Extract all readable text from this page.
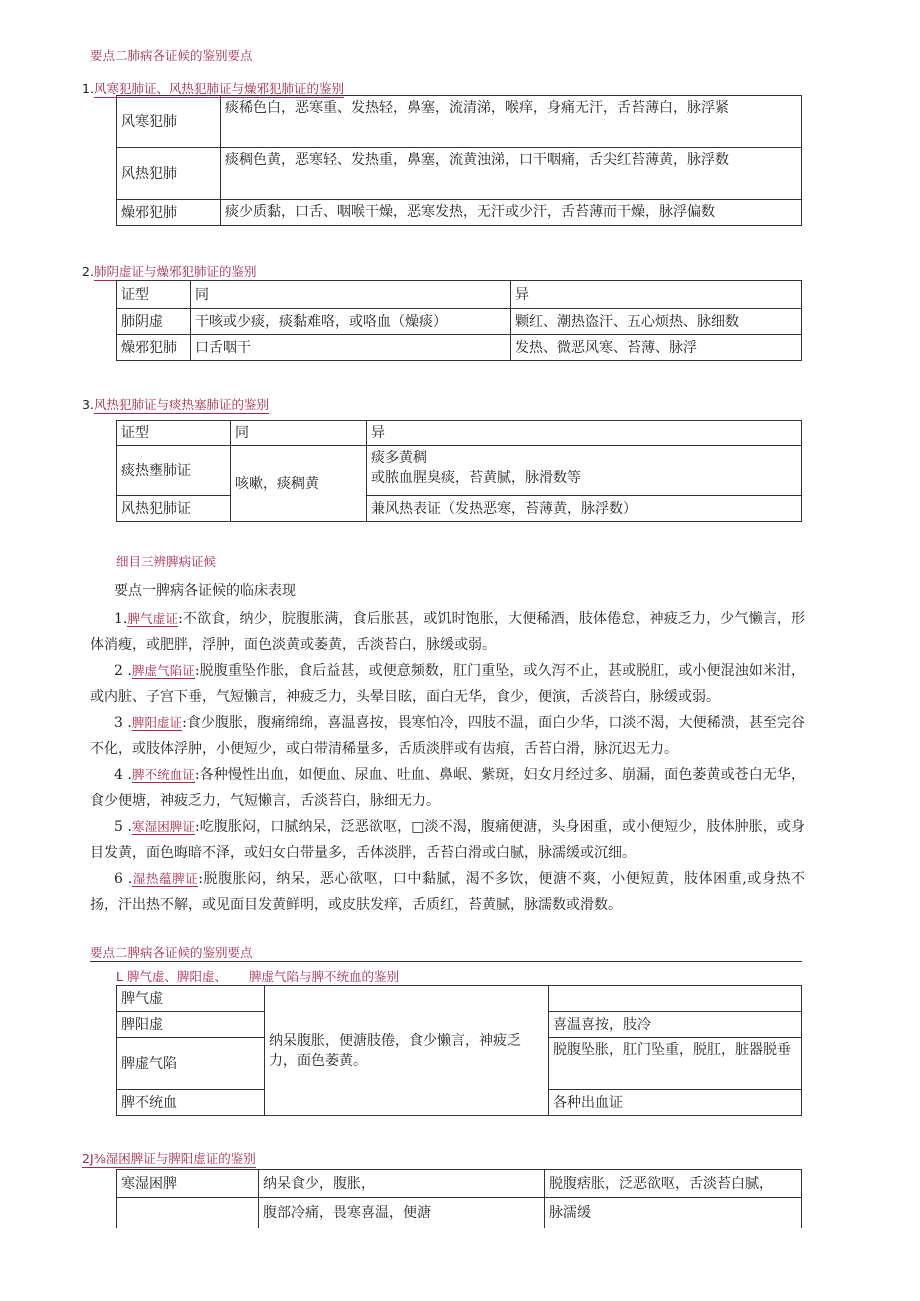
要点二肺病各证候的鉴别要点
1.风寒犯肺证、风热犯肺证与燥邪犯肺证的鉴别
风寒犯肺	痰稀色白，恶寒重、发热轻，鼻塞，流清涕，喉痒，身痛无汗，舌苔薄白，脉浮紧
风热犯肺	痰稠色黄，恶寒轻、发热重，鼻塞，流黄浊涕，口干咽痛，舌尖红苔薄黄，脉浮数
燥邪犯肺	痰少质黏，口舌、咽喉干燥，恶寒发热，无汗或少汗，舌苔薄而干燥，脉浮偏数
2.肺阴虚证与燥邪犯肺证的鉴别
证型	同	异
肺阴虚	干咳或少痰，痰黏难咯，或咯血（燥痰）	颗红、潮热盗汗、五心烦热、脉细数
燥邪犯肺	口舌咽干	发热、微恶风寒、苔薄、脉浮
3.风热犯肺证与痰热塞肺证的鉴别
证型	同	异
痰热壅肺证	咳嗽，痰稠黄	痰多黄稠
或脓血腥臭痰，苔黄腻，脉滑数等

风热犯肺证		兼风热表证（发热恶寒，苔薄黄，脉浮数）
细目三辨脾病证候

要点一脾病各证候的临床表现

1.脾气虚证:不欲食，纳少，脘腹胀满，食后胀甚，或饥时饱胀，大便稀酒，肢体倦怠，神疲乏力，少气懒言，形体消瘦，或肥胖，浮肿，面色淡黄或萎黄，舌淡苔白，脉缓或弱。

2 .脾虚气陷证:脱腹重坠作胀，食后益甚，或便意频数，肛门重坠，或久泻不止，甚或脱肛，或小便混浊如米泔，或内脏、子宫下垂，气短懒言，神疲乏力，头晕目眩，面白无华，食少，便演，舌淡苔白，脉缓或弱。

3 .脾阳虚证:食少腹胀，腹痛绵绵，喜温喜按，畏寒怕冷，四肢不温，面白少华，口淡不渴，大便稀溃，甚至完谷不化，或肢体浮肿，小便短少，或白带清稀量多，舌质淡胖或有齿痕，舌苔白滑，脉沉迟无力。

4 .脾不统血证:各种慢性出血，如便血、尿血、吐血、鼻岷、紫斑，妇女月经过多、崩漏，面色萎黄或苍白无华，食少便塘，神疲乏力，气短懒言，舌淡苔白，脉细无力。

5 .寒湿困脾证:吃腹胀闷，口腻纳呆，泛恶欲呕，□淡不渴，腹痛便溏，头身困重，或小便短少，肢体肿胀，或身目发黄，面色晦暗不泽，或妇女白带量多，舌体淡胖，舌苔白滑或白腻，脉濡缓或沉细。

6 .湿热蕴脾证:脱腹胀闷，纳呆，恶心欲呕，口中黏腻，渴不多饮，便溏不爽，小便短黄，肢体困重,或身热不扬，汗出热不解，或见面目发黄鲜明，或皮肤发痒，舌质红，苔黄腻，脉濡数或滑数。

要点二脾病各证候的鉴别要点
L 脾气虚、脾阳虚、 脾虚气陷与脾不统血的鉴别
脾气虚	纳呆腹胀，便溏肢倦，食少懒言，神疲乏力，面色萎黄。	
脾阳虚		喜温喜按，肢冷
脾虚气陷		脱腹坠胀，肛门坠重，脱肛，脏器脱垂
脾不统血		各种出血证
2J⅜湿困脾证与脾阳虚证的鉴别
寒湿困脾	纳呆食少，腹胀，	脱腹痞胀，泛恶欲呕，舌淡苔白腻，
	腹部冷痛，畏寒喜温，便溏	脉濡缓
